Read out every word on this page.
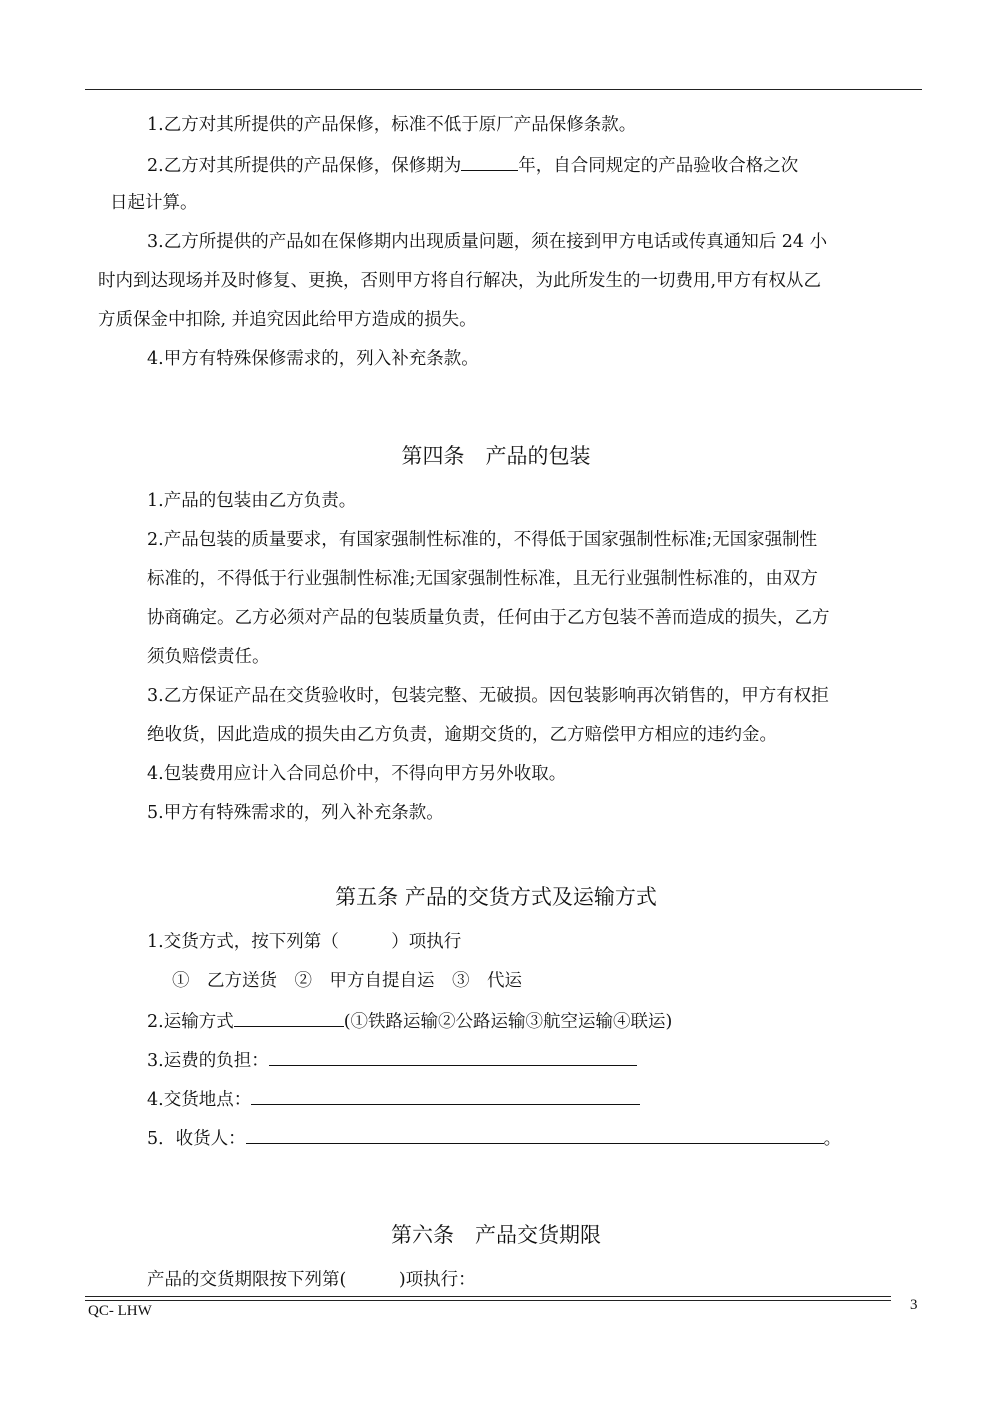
1.乙方对其所提供的产品保修，标准不低于原厂产品保修条款。
2.乙方对其所提供的产品保修，保修期为	年，自合同规定的产品验收合格之次
日起计算。
3.乙方所提供的产品如在保修期内出现质量问题，须在接到甲方电话或传真通知后 24 小
时内到达现场并及时修复、更换，否则甲方将自行解决，为此所发生的一切费用,甲方有权从乙
方质保金中扣除, 并追究因此给甲方造成的损失。
4.甲方有特殊保修需求的，列入补充条款。
第四条　产品的包装
1.产品的包装由乙方负责。
2.产品包装的质量要求，有国家强制性标准的，不得低于国家强制性标准;无国家强制性
标准的，不得低于行业强制性标准;无国家强制性标准，且无行业强制性标准的，由双方
协商确定。乙方必须对产品的包装质量负责，任何由于乙方包装不善而造成的损失，乙方
须负赔偿责任。
3.乙方保证产品在交货验收时，包装完整、无破损。因包装影响再次销售的，甲方有权拒
绝收货，因此造成的损失由乙方负责，逾期交货的，乙方赔偿甲方相应的违约金。
4.包装费用应计入合同总价中，不得向甲方另外收取。
5.甲方有特殊需求的，列入补充条款。
第五条 产品的交货方式及运输方式
1.交货方式，按下列第（　　　）项执行
①　乙方送货　②　甲方自提自运　③　代运
2.运输方式	(①铁路运输②公路运输③航空运输④联运)
3.运费的负担：
4.交货地点：
5．收货人：	。
第六条　产品交货期限
产品的交货期限按下列第(　　　)项执行：
QC- LHW	3
